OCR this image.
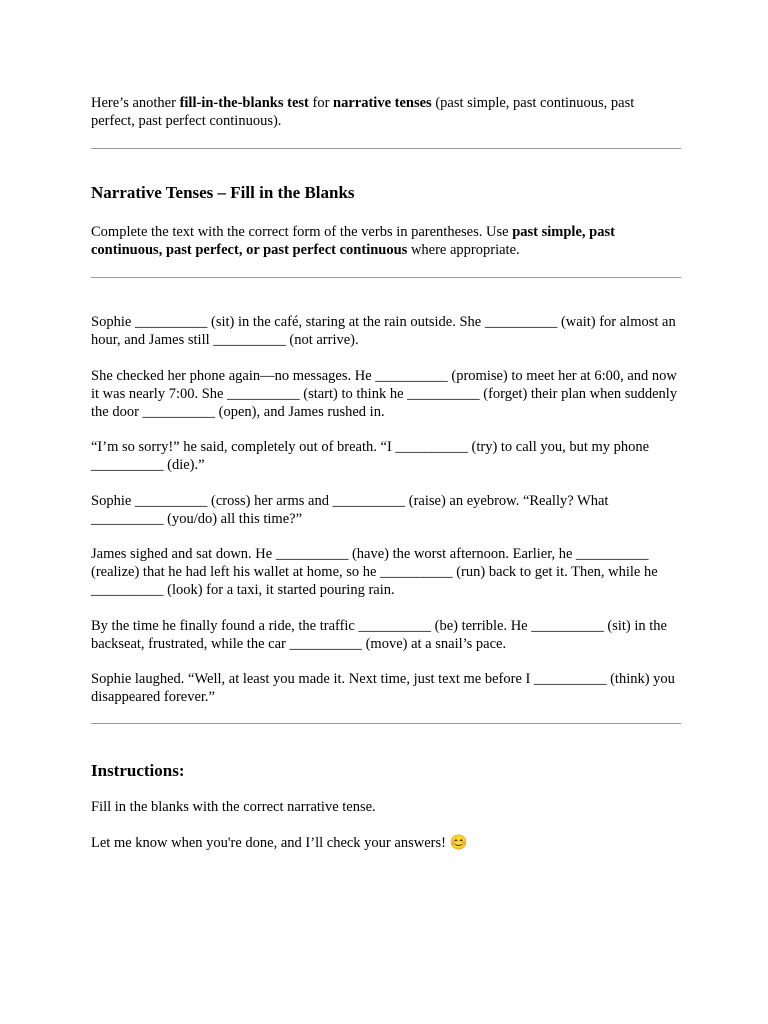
Here’s another fill-in-the-blanks test for narrative tenses (past simple, past continuous, past perfect, past perfect continuous).

Narrative Tenses – Fill in the Blanks

Complete the text with the correct form of the verbs in parentheses. Use past simple, past continuous, past perfect, or past perfect continuous where appropriate.

Sophie __________ (sit) in the café, staring at the rain outside. She __________ (wait) for almost an hour, and James still __________ (not arrive).

She checked her phone again—no messages. He __________ (promise) to meet her at 6:00, and now it was nearly 7:00. She __________ (start) to think he __________ (forget) their plan when suddenly the door __________ (open), and James rushed in.

“I’m so sorry!” he said, completely out of breath. “I __________ (try) to call you, but my phone __________ (die).”

Sophie __________ (cross) her arms and __________ (raise) an eyebrow. “Really? What __________ (you/do) all this time?”

James sighed and sat down. He __________ (have) the worst afternoon. Earlier, he __________ (realize) that he had left his wallet at home, so he __________ (run) back to get it. Then, while he __________ (look) for a taxi, it started pouring rain.

By the time he finally found a ride, the traffic __________ (be) terrible. He __________ (sit) in the backseat, frustrated, while the car __________ (move) at a snail’s pace.

Sophie laughed. “Well, at least you made it. Next time, just text me before I __________ (think) you disappeared forever.”

Instructions:

Fill in the blanks with the correct narrative tense.

Let me know when you're done, and I’ll check your answers! 😊
